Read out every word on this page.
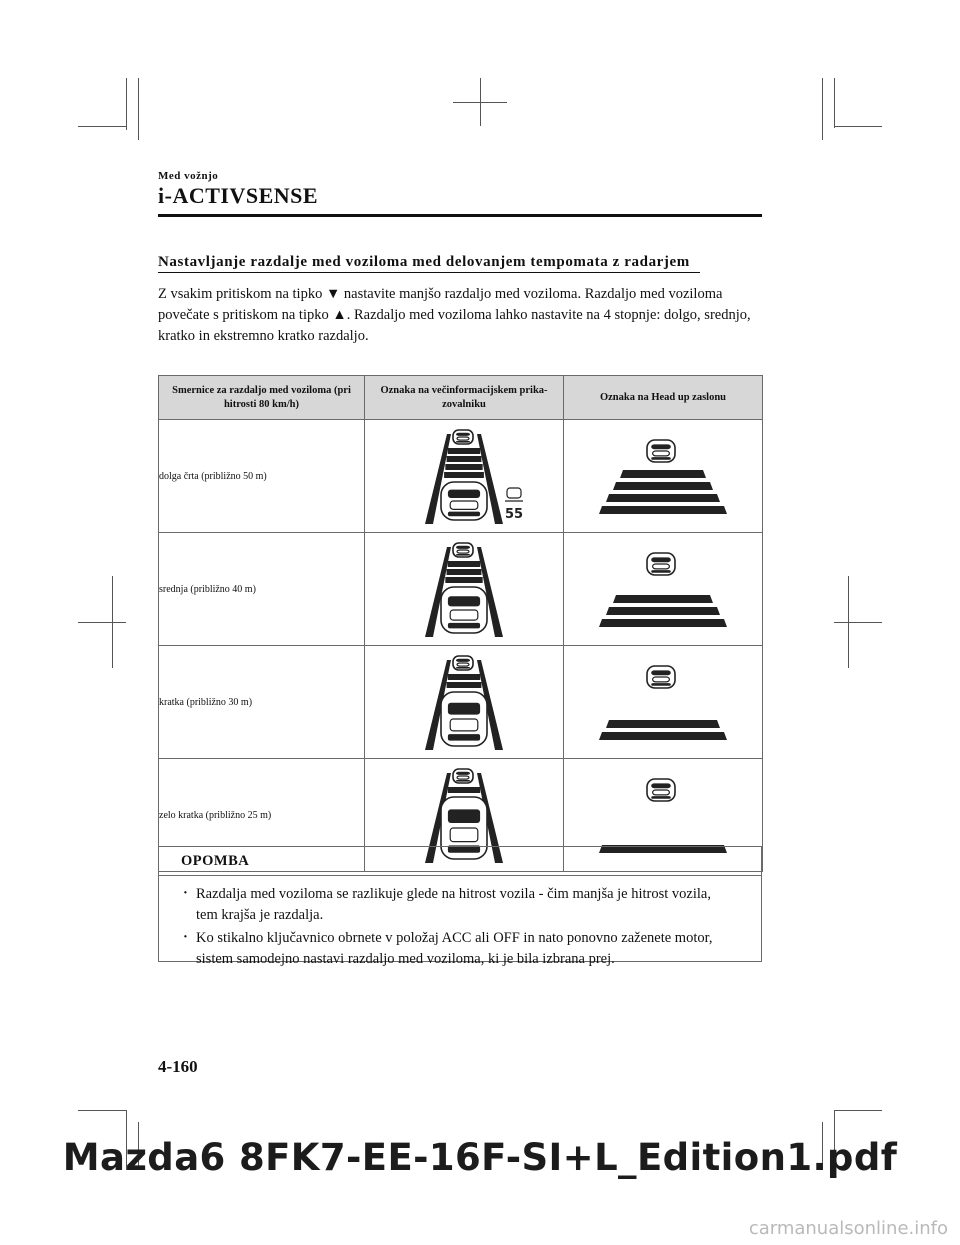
Med vožnjo
i-ACTIVSENSE
Nastavljanje razdalje med voziloma med delovanjem tempomata z radarjem
Z vsakim pritiskom na tipko ▼ nastavite manjšo razdaljo med voziloma. Razdaljo med voziloma povečate s pritiskom na tipko ▲. Razdaljo med voziloma lahko nastavite na 4 stopnje: dolgo, srednjo, kratko in ekstremno kratko razdaljo.
Smernice za razdaljo med voziloma (pri hitrosti 80 km/h)	Oznaka na večinformacijskem prika- zovalniku	Oznaka na Head up zaslonu
dolga črta (približno 50 m)	55

srednja (približno 40 m)	

kratka (približno 30 m)	

zelo kratka (približno 25 m)	

OPOMBA
· Razdalja med voziloma se razlikuje glede na hitrost vozila - čim manjša je hitrost vozila, tem krajša je razdalja.
· Ko stikalno ključavnico obrnete v položaj ACC ali OFF in nato ponovno zaženete motor, sistem samodejno nastavi razdaljo med voziloma, ki je bila izbrana prej.
4-160
Mazda6 8FK7-EE-16F-SI+L_Edition1.pdf
carmanualsonline.info
